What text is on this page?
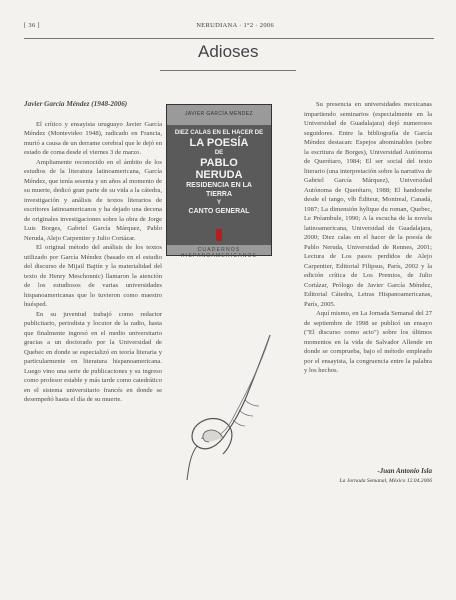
[ 36 ]	NERUDIANA · 1°2 · 2006
Adioses

Javier García Méndez (1948-2006)

El crítico y ensayista uruguayo Javier García Méndez (Montevideo 1948), radicado en Francia, murió a causa de un derrame cerebral que le dejó en estado de coma desde el viernes 3 de marzo.

Ampliamente reconocido en el ámbito de los estudios de la literatura latinoamericana, García Méndez, que tenía sesenta y un años al momento de su muerte, dedicó gran parte de su vida a la cátedra, investigación y análisis de textos literarios de escritores latinoamericanos y ha dejado una decena de originales investigaciones sobre la obra de Jorge Luis Borges, Gabriel García Márquez, Pablo Neruda, Alejo Carpentier y Julio Cortázar.

El original método del análisis de los textos utilizado por García Méndez (basado en el estudio del discurso de Mijail Bajtín y la materialidad del texto de Henry Meschonnic) llamaron la atención de los estudiosos de varias universidades hispanoamericanas que lo tuvieron como maestro huésped.

En su juventud trabajó como redactor publicitario, periodista y locutor de la radio, hasta que finalmente ingresó en el medio universitario gracias a un doctorado por la Universidad de Quebec en donde se especializó en teoría literaria y particularmente en literatura hispanoamericana. Luego vino una serie de publicaciones y su ingreso como profesor estable y más tarde como catedrático en el sistema universitario francés en donde se desempeñó hasta el día de su muerte.

JAVIER GARCÍA MÉNDEZ
DIEZ CALAS EN EL HACER DE
LA POESÍA
DE
PABLO
NERUDA
RESIDENCIA EN LA
TIERRA
Y
CANTO GENERAL
CUADERNOS HISPANOAMERICANOS

Su presencia en universidades mexicanas impartiendo seminarios (especialmente en la Universidad de Guadalajara) dejó numerosos seguidores. Entre la bibliografía de García Méndez destacan: Espejos abominables (sobre la escritura de Borges), Universidad Autónoma de Querétaro, 1984; El ser social del texto literario (una interpretación sobre la narrativa de Gabriel García Márquez), Universidad Autónoma de Querétaro, 1988; El handonehe desde el tango, vlb Éditeur, Montreal, Canadá, 1987; La dimensión hylique du roman, Quebec, Le Préambule, 1990; A la escucha de la novela latinoamericana, Universidad de Guadalajara, 2000; Diez calas en el hacer de la poesía de Pablo Neruda, Universidad de Rennes, 2001; Lectura de Los pasos perdidos de Alejo Carpentier, Editorial Filipsus, París, 2002 y la edición crítica de Los Premios, de Julio Cortázar, Prólogo de Javier García Méndez, Editorial Cátedra, Letras Hispanoamericanas, París, 2005.

Aquí mismo, en La Jornada Semanal del 27 de septiembre de 1998 se publicó un ensayo ("El discurso como acto") sobre los últimos momentos en la vida de Salvador Allende en donde se comprueba, bajo el método empleado por el ensayista, la congruencia entre la palabra y los hechos.

-Juan Antonio Isla
La Jornada Semanal, México 12.04.2006
